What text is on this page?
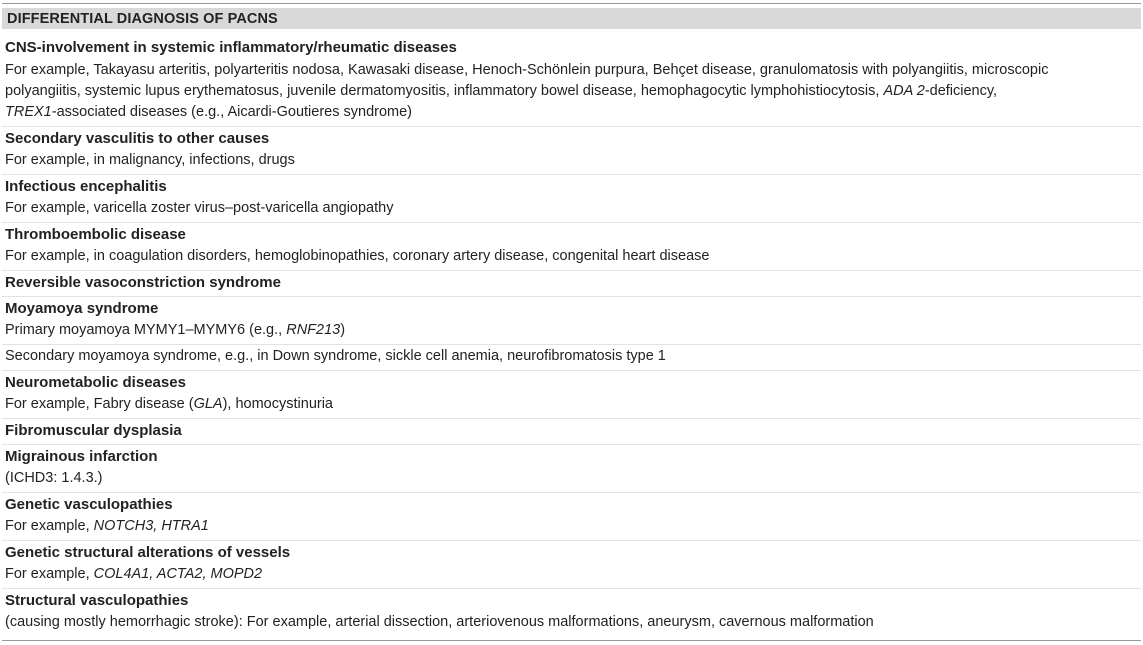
DIFFERENTIAL DIAGNOSIS OF PACNS
CNS-involvement in systemic inflammatory/rheumatic diseases
For example, Takayasu arteritis, polyarteritis nodosa, Kawasaki disease, Henoch-Schönlein purpura, Behçet disease, granulomatosis with polyangiitis, microscopic
polyangiitis, systemic lupus erythematosus, juvenile dermatomyositis, inflammatory bowel disease, hemophagocytic lymphohistiocytosis, ADA 2-deficiency,
TREX1-associated diseases (e.g., Aicardi-Goutieres syndrome)
Secondary vasculitis to other causes
For example, in malignancy, infections, drugs
Infectious encephalitis
For example, varicella zoster virus–post-varicella angiopathy
Thromboembolic disease
For example, in coagulation disorders, hemoglobinopathies, coronary artery disease, congenital heart disease
Reversible vasoconstriction syndrome
Moyamoya syndrome
Primary moyamoya MYMY1–MYMY6 (e.g., RNF213)
Secondary moyamoya syndrome, e.g., in Down syndrome, sickle cell anemia, neurofibromatosis type 1
Neurometabolic diseases
For example, Fabry disease (GLA), homocystinuria
Fibromuscular dysplasia
Migrainous infarction
(ICHD3: 1.4.3.)
Genetic vasculopathies
For example, NOTCH3, HTRA1
Genetic structural alterations of vessels
For example, COL4A1, ACTA2, MOPD2
Structural vasculopathies
(causing mostly hemorrhagic stroke): For example, arterial dissection, arteriovenous malformations, aneurysm, cavernous malformation
